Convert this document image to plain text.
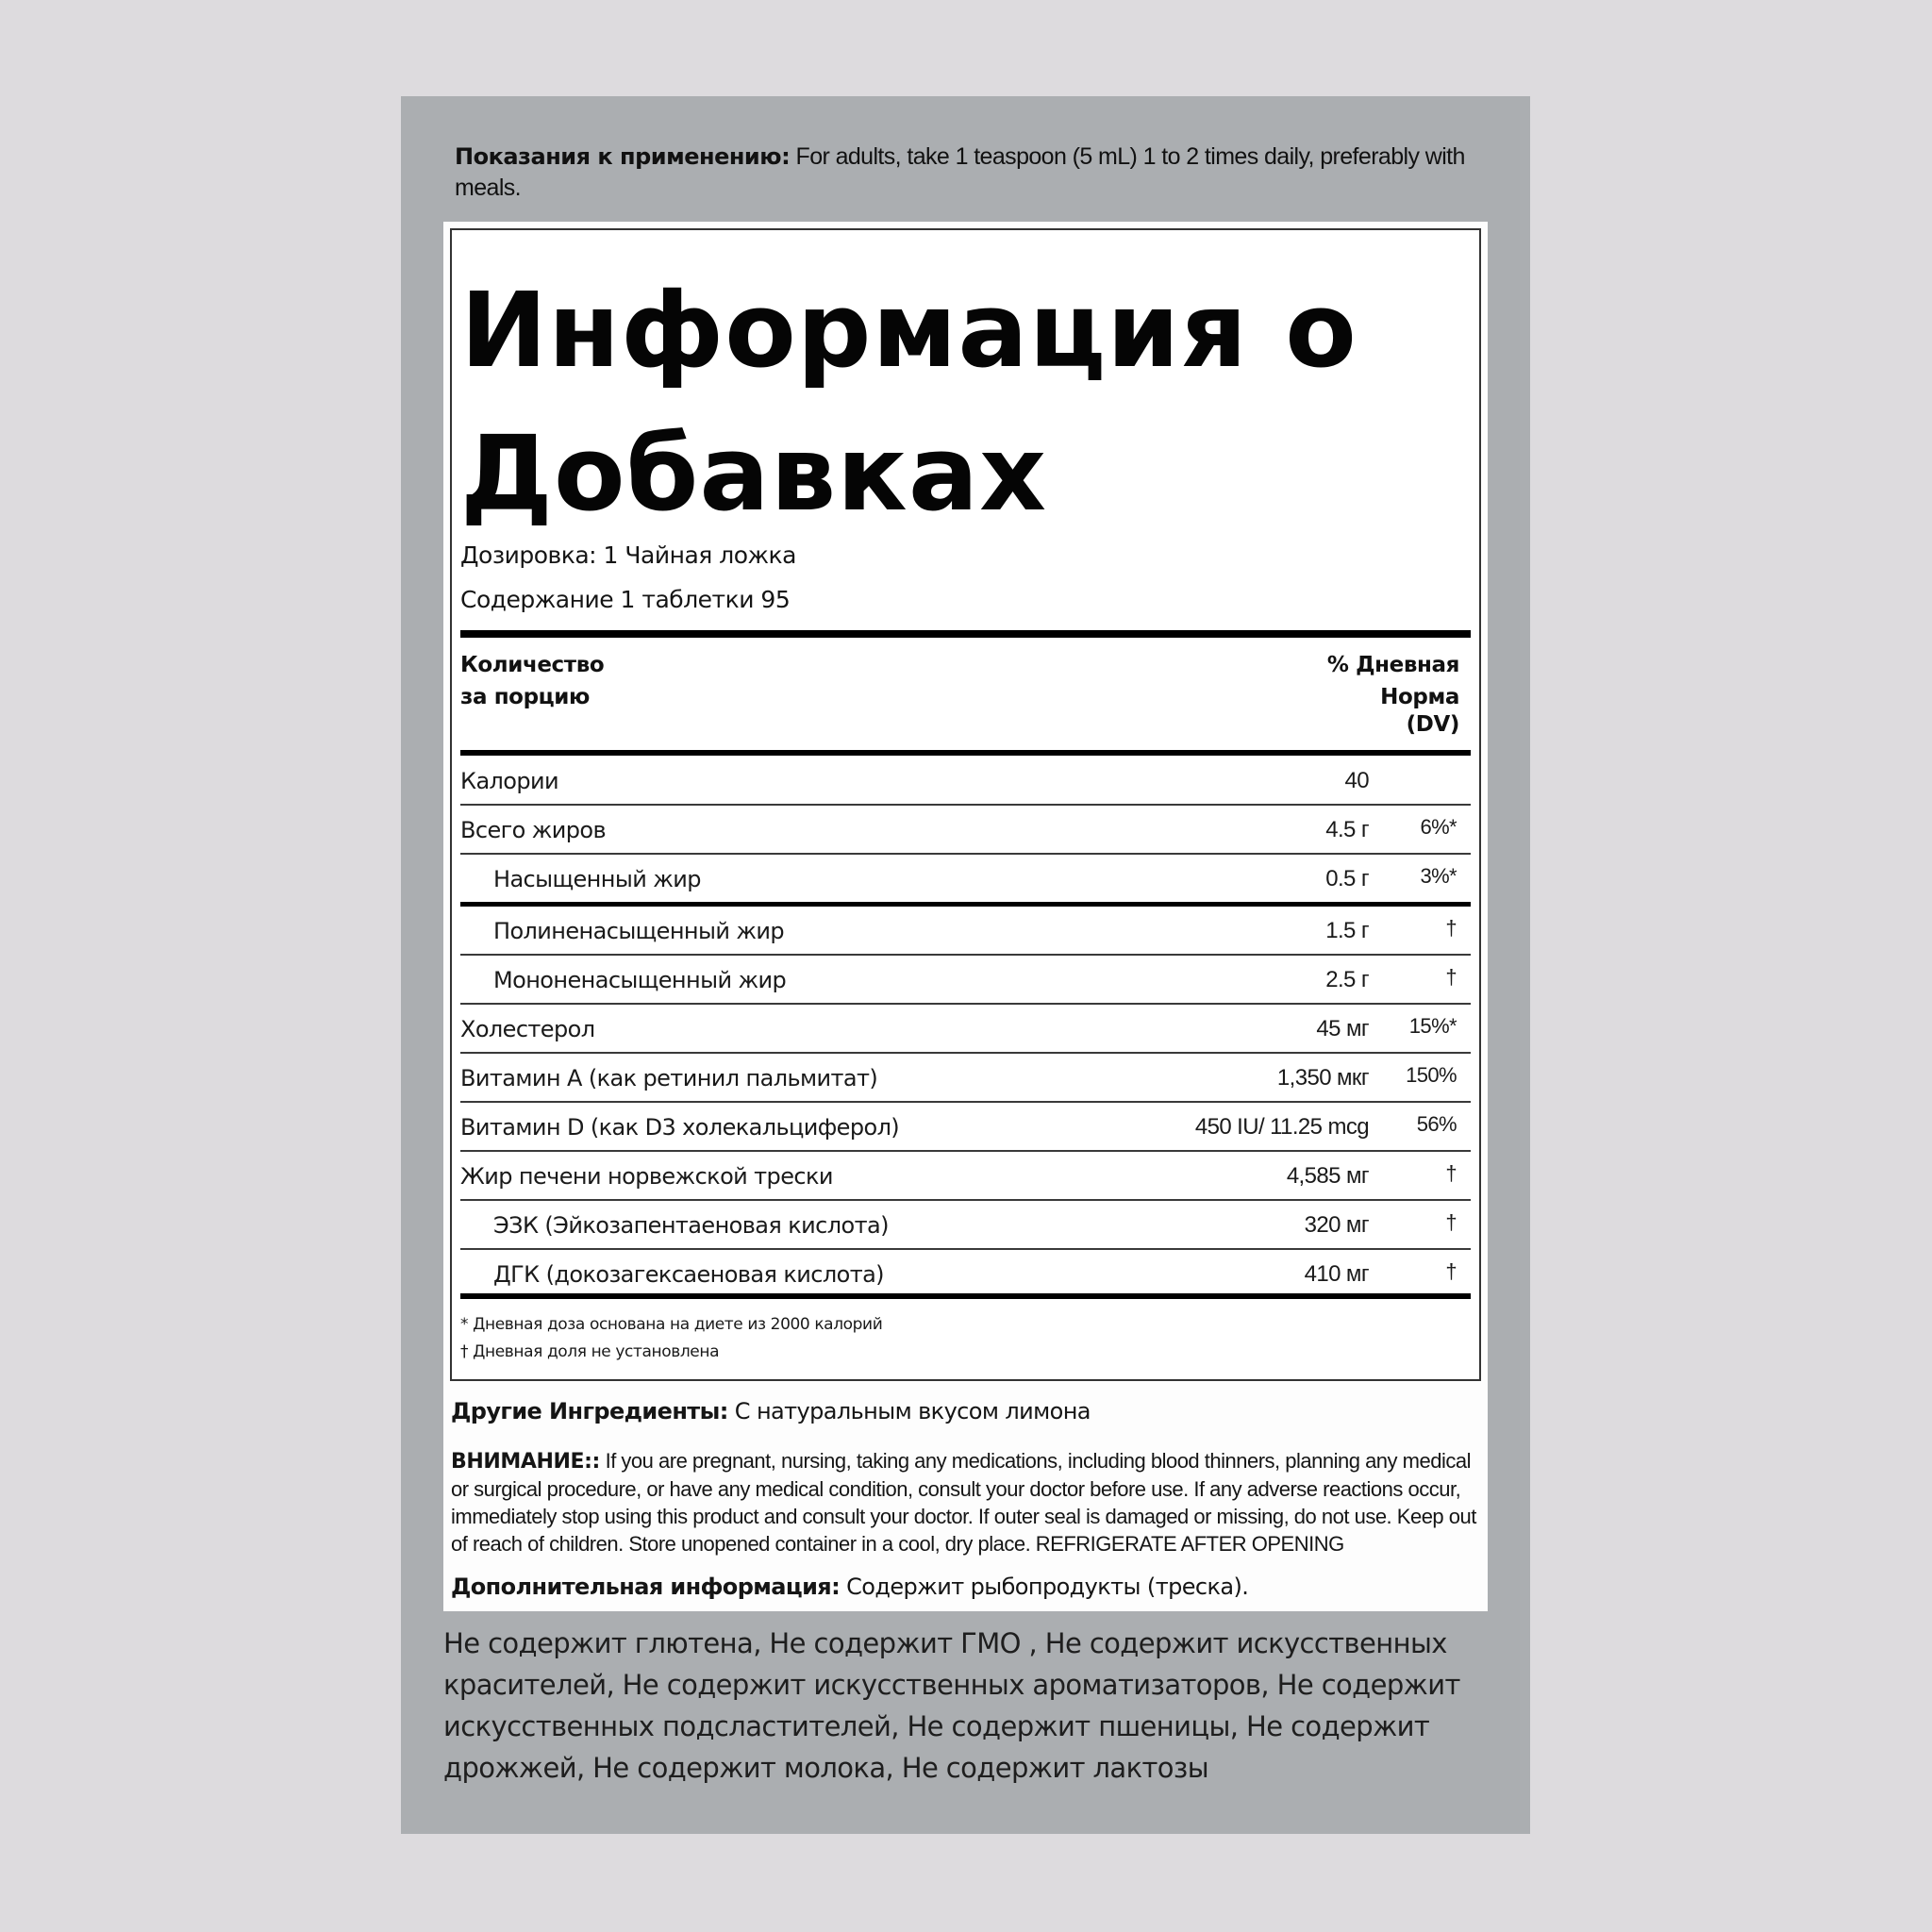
Показания к применению: For adults, take 1 teaspoon (5 mL) 1 to 2 times daily, preferably with meals.
Информация о
Добавках
Дозировка: 1 Чайная ложка
Содержание 1 таблетки 95
Количество
за порцию
% Дневная
Норма
(DV)
Калории	40
Всего жиров	4.5 г 6%*
Насыщенный жир	0.5 г 3%*
Полиненасыщенный жир	1.5 г	†
Мононенасыщенный жир	2.5 г	†
Холестерол	45 мг 15%*
Витамин A (как ретинил пальмитат)	1,350 мкг 150%
Витамин D (как D3 холекальциферол)	450 IU/ 11.25 mcg 56%
Жир печени норвежской трески	4,585 мг	†
ЭЗК (Эйкозапентаеновая кислота)	320 мг	†
ДГК (докозагексаеновая кислота)	410 мг	†
* Дневная доза основана на диете из 2000 калорий
† Дневная доля не установлена
Другие Ингредиенты: С натуральным вкусом лимона
ВНИМАНИЕ:: If you are pregnant, nursing, taking any medications, including blood thinners, planning any medical or surgical procedure, or have any medical condition, consult your doctor before use. If any adverse reactions occur, immediately stop using this product and consult your doctor. If outer seal is damaged or missing, do not use. Keep out of reach of children. Store unopened container in a cool, dry place. REFRIGERATE AFTER OPENING
Дополнительная информация: Содержит рыбопродукты (треска).
Не содержит глютена, Не содержит ГМО , Не содержит искусственных красителей, Не содержит искусственных ароматизаторов, Не содержит искусственных подсластителей, Не содержит пшеницы, Не содержит дрожжей, Не содержит молока, Не содержит лактозы
